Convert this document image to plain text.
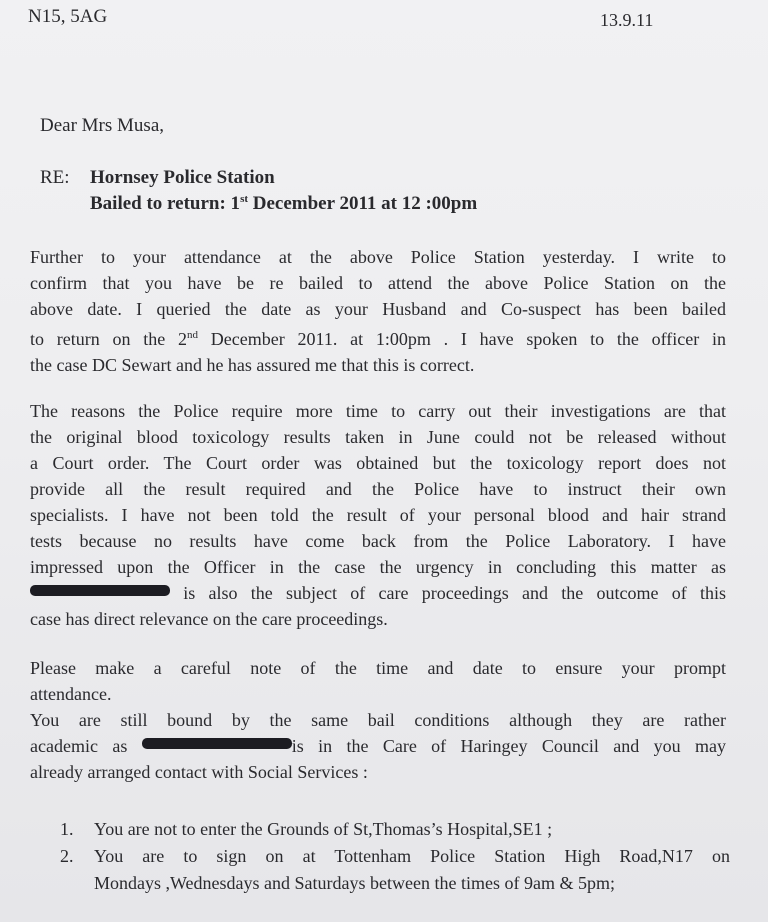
N15, 5AG	13.9.11
Dear Mrs Musa,
RE: Hornsey Police Station
Bailed to return: 1st December 2011 at 12 :00pm
Further to your attendance at the above Police Station yesterday. I write to
confirm that you have be re bailed to attend the above Police Station on the
above date. I queried the date as your Husband and Co-suspect has been bailed
to return on the 2nd December 2011. at 1:00pm . I have spoken to the officer in
the case DC Sewart and he has assured me that this is correct.
The reasons the Police require more time to carry out their investigations are that
the original blood toxicology results taken in June could not be released without
a Court order. The Court order was obtained but the toxicology report does not
provide all the result required and the Police have to instruct their own
specialists. I have not been told the result of your personal blood and hair strand
tests because no results have come back from the Police Laboratory. I have
impressed upon the Officer in the case the urgency in concluding this matter as
is also the subject of care proceedings and the outcome of this
case has direct relevance on the care proceedings.
Please make a careful note of the time and date to ensure your prompt
attendance.
You are still bound by the same bail conditions although they are rather
academic as	is in the Care of Haringey Council and you may
already arranged contact with Social Services :
1.	You are not to enter the Grounds of St,Thomas’s Hospital,SE1 ;
2.	You are to sign on at Tottenham Police Station High Road,N17 on
Mondays ,Wednesdays and Saturdays between the times of 9am & 5pm;
